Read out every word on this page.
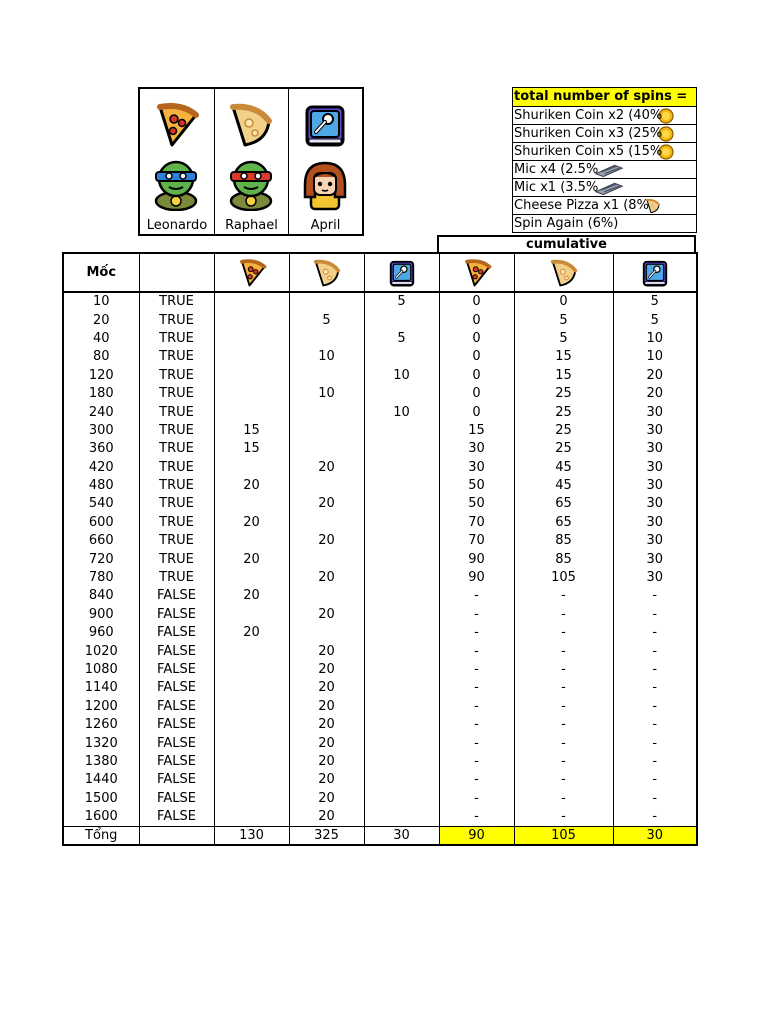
Leonardo	Raphael	April
total number of spins =
Shuriken Coin x2 (40%
Shuriken Coin x3 (25%
Shuriken Coin x5 (15%
Mic x4 (2.5%
Mic x1 (3.5%
Cheese Pizza x1 (8%
Spin Again (6%)
cumulative
Mốc		

10	TRUE			5	0	0	5
20	TRUE		5		0	5	5
40	TRUE			5	0	5	10
80	TRUE		10		0	15	10
120	TRUE			10	0	15	20
180	TRUE		10		0	25	20
240	TRUE			10	0	25	30
300	TRUE	15			15	25	30
360	TRUE	15			30	25	30
420	TRUE		20		30	45	30
480	TRUE	20			50	45	30
540	TRUE		20		50	65	30
600	TRUE	20			70	65	30
660	TRUE		20		70	85	30
720	TRUE	20			90	85	30
780	TRUE		20		90	105	30
840	FALSE	20			-	-	-
900	FALSE		20		-	-	-
960	FALSE	20			-	-	-
1020	FALSE		20		-	-	-
1080	FALSE		20		-	-	-
1140	FALSE		20		-	-	-
1200	FALSE		20		-	-	-
1260	FALSE		20		-	-	-
1320	FALSE		20		-	-	-
1380	FALSE		20		-	-	-
1440	FALSE		20		-	-	-
1500	FALSE		20		-	-	-
1600	FALSE		20		-	-	-
Tổng		130	325	30	90	105	30
